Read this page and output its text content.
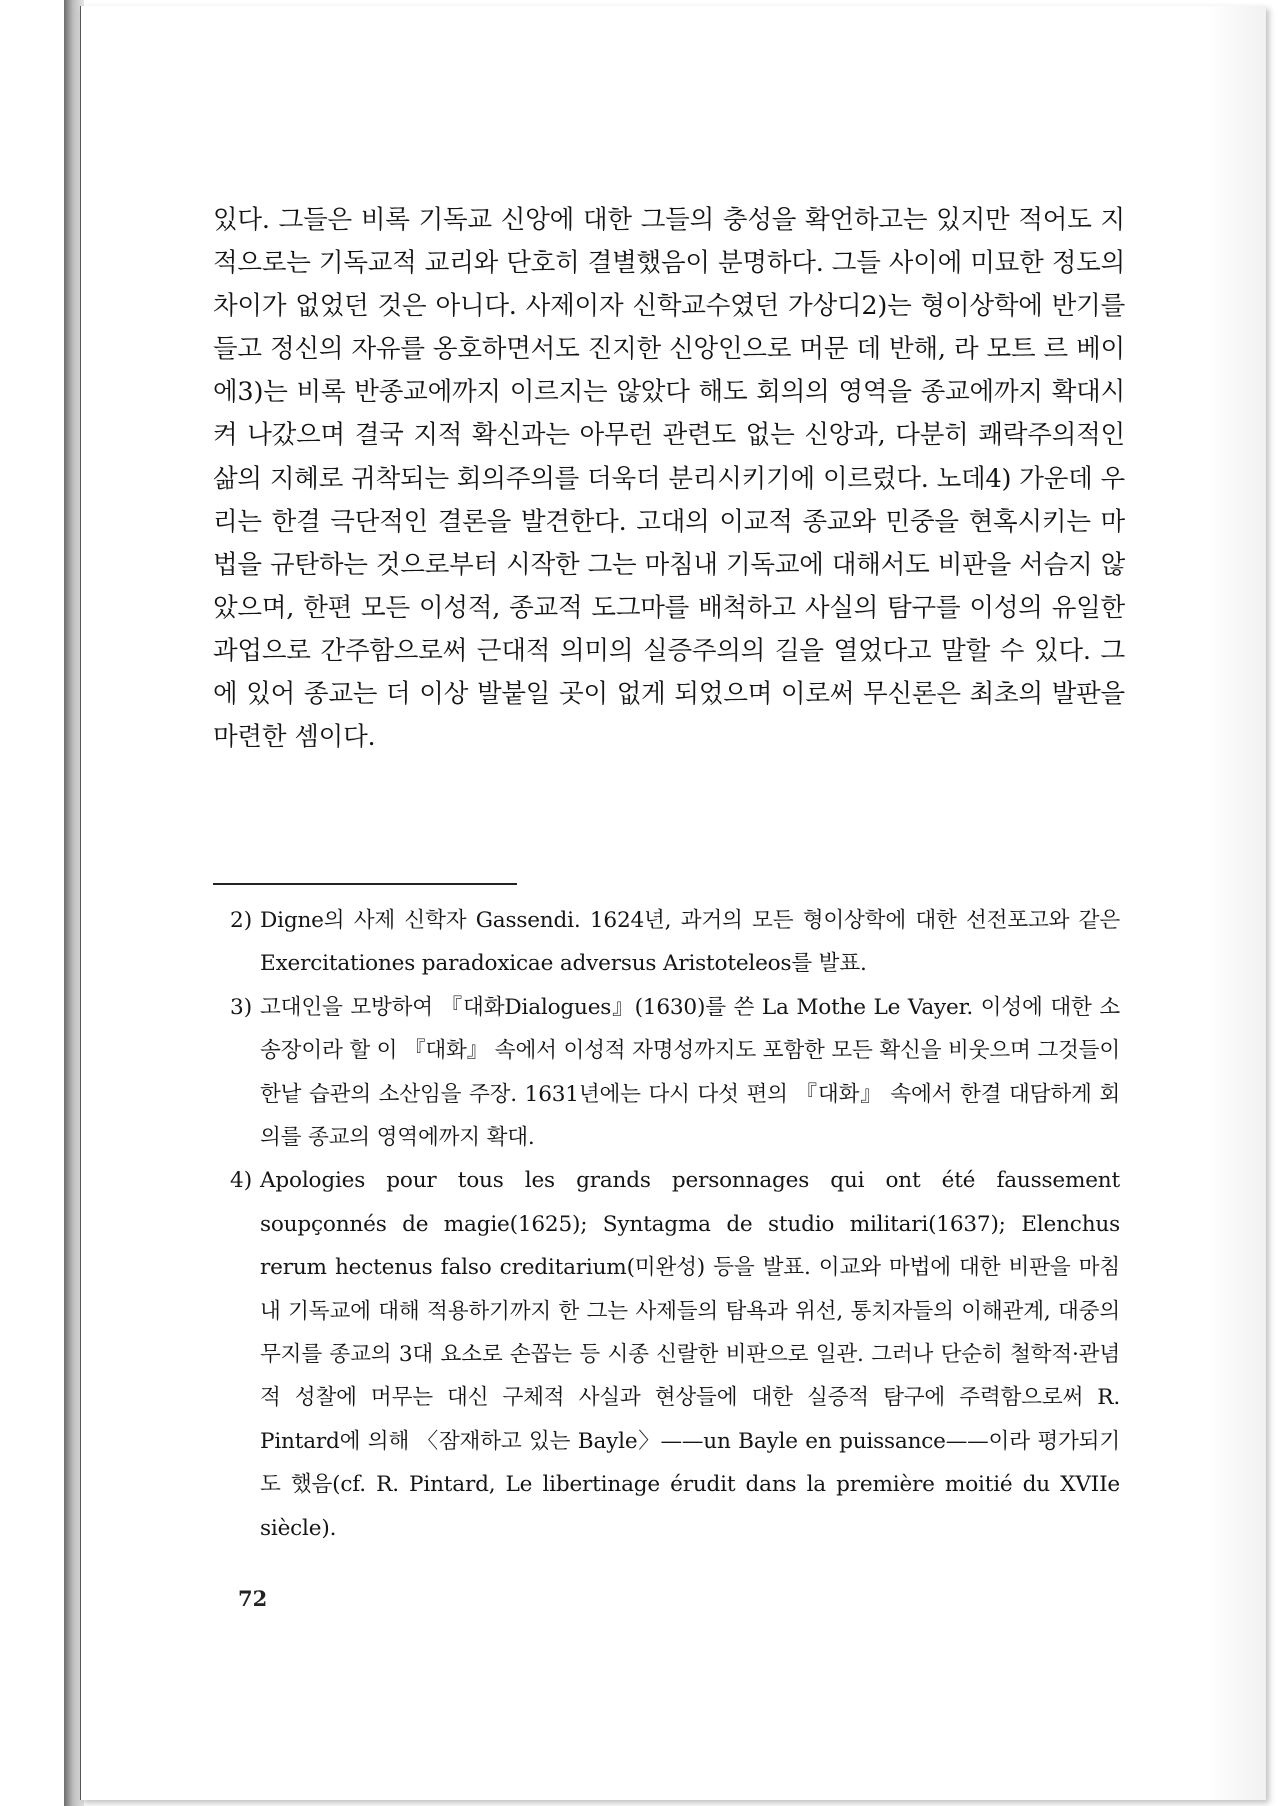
있다. 그들은 비록 기독교 신앙에 대한 그들의 충성을 확언하고는 있지만 적어도 지적으로는 기독교적 교리와 단호히 결별했음이 분명하다. 그들 사이에 미묘한 정도의 차이가 없었던 것은 아니다. 사제이자 신학교수였던 가상디2)는 형이상학에 반기를 들고 정신의 자유를 옹호하면서도 진지한 신앙인으로 머문 데 반해, 라 모트 르 베이에3)는 비록 반종교에까지 이르지는 않았다 해도 회의의 영역을 종교에까지 확대시켜 나갔으며 결국 지적 확신과는 아무런 관련도 없는 신앙과, 다분히 쾌락주의적인 삶의 지혜로 귀착되는 회의주의를 더욱더 분리시키기에 이르렀다. 노데4) 가운데 우리는 한결 극단적인 결론을 발견한다. 고대의 이교적 종교와 민중을 현혹시키는 마법을 규탄하는 것으로부터 시작한 그는 마침내 기독교에 대해서도 비판을 서슴지 않았으며, 한편 모든 이성적, 종교적 도그마를 배척하고 사실의 탐구를 이성의 유일한 과업으로 간주함으로써 근대적 의미의 실증주의의 길을 열었다고 말할 수 있다. 그에 있어 종교는 더 이상 발붙일 곳이 없게 되었으며 이로써 무신론은 최초의 발판을 마련한 셈이다.

2) Digne의 사제 신학자 Gassendi. 1624년, 과거의 모든 형이상학에 대한 선전포고와 같은 Exercitationes paradoxicae adversus Aristoteleos를 발표.
3) 고대인을 모방하여 『대화Dialogues』(1630)를 쓴 La Mothe Le Vayer. 이성에 대한 소송장이라 할 이 『대화』 속에서 이성적 자명성까지도 포함한 모든 확신을 비웃으며 그것들이 한낱 습관의 소산임을 주장. 1631년에는 다시 다섯 편의 『대화』 속에서 한결 대담하게 회의를 종교의 영역에까지 확대.
4) Apologies pour tous les grands personnages qui ont été faussement soupçonnés de magie(1625); Syntagma de studio militari(1637); Elenchus rerum hectenus falso creditarium(미완성) 등을 발표. 이교와 마법에 대한 비판을 마침내 기독교에 대해 적용하기까지 한 그는 사제들의 탐욕과 위선, 통치자들의 이해관계, 대중의 무지를 종교의 3대 요소로 손꼽는 등 시종 신랄한 비판으로 일관. 그러나 단순히 철학적·관념적 성찰에 머무는 대신 구체적 사실과 현상들에 대한 실증적 탐구에 주력함으로써 R. Pintard에 의해 〈잠재하고 있는 Bayle〉——un Bayle en puissance——이라 평가되기도 했음(cf. R. Pintard, Le libertinage érudit dans la première moitié du XVIIe siècle).
72
